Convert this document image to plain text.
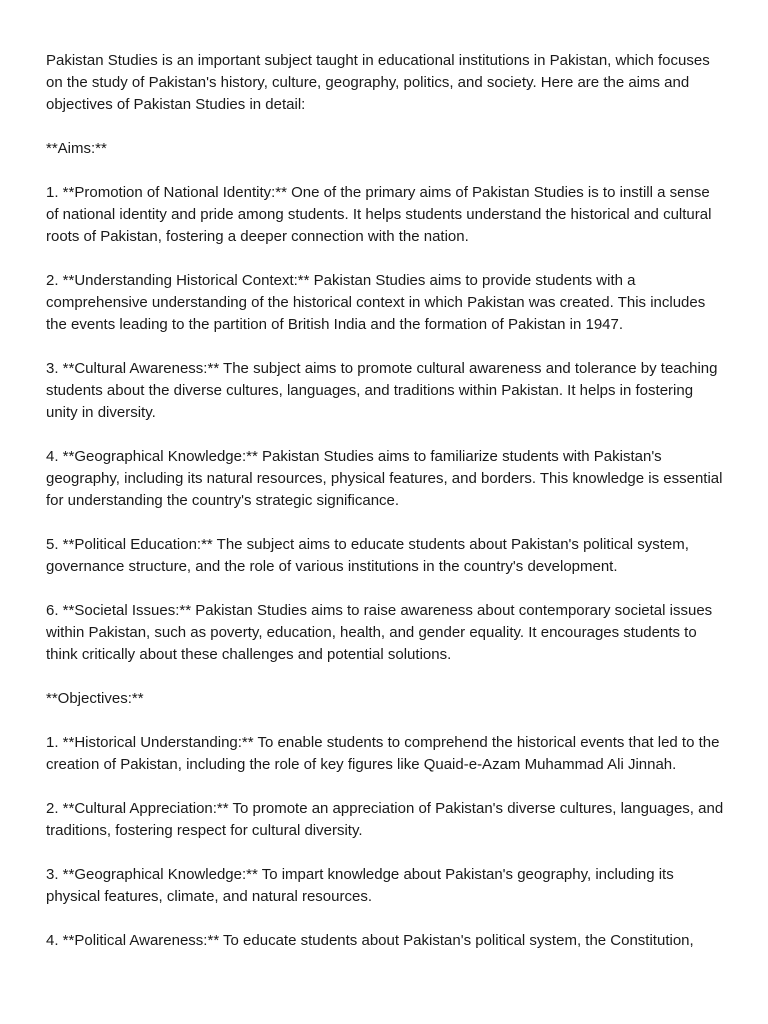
Pakistan Studies is an important subject taught in educational institutions in Pakistan, which focuses on the study of Pakistan's history, culture, geography, politics, and society. Here are the aims and objectives of Pakistan Studies in detail:

**Aims:**

1. **Promotion of National Identity:** One of the primary aims of Pakistan Studies is to instill a sense of national identity and pride among students. It helps students understand the historical and cultural roots of Pakistan, fostering a deeper connection with the nation.

2. **Understanding Historical Context:** Pakistan Studies aims to provide students with a comprehensive understanding of the historical context in which Pakistan was created. This includes the events leading to the partition of British India and the formation of Pakistan in 1947.

3. **Cultural Awareness:** The subject aims to promote cultural awareness and tolerance by teaching students about the diverse cultures, languages, and traditions within Pakistan. It helps in fostering unity in diversity.

4. **Geographical Knowledge:** Pakistan Studies aims to familiarize students with Pakistan's geography, including its natural resources, physical features, and borders. This knowledge is essential for understanding the country's strategic significance.

5. **Political Education:** The subject aims to educate students about Pakistan's political system, governance structure, and the role of various institutions in the country's development.

6. **Societal Issues:** Pakistan Studies aims to raise awareness about contemporary societal issues within Pakistan, such as poverty, education, health, and gender equality. It encourages students to think critically about these challenges and potential solutions.

**Objectives:**

1. **Historical Understanding:** To enable students to comprehend the historical events that led to the creation of Pakistan, including the role of key figures like Quaid-e-Azam Muhammad Ali Jinnah.

2. **Cultural Appreciation:** To promote an appreciation of Pakistan's diverse cultures, languages, and traditions, fostering respect for cultural diversity.

3. **Geographical Knowledge:** To impart knowledge about Pakistan's geography, including its physical features, climate, and natural resources.

4. **Political Awareness:** To educate students about Pakistan's political system, the Constitution,
